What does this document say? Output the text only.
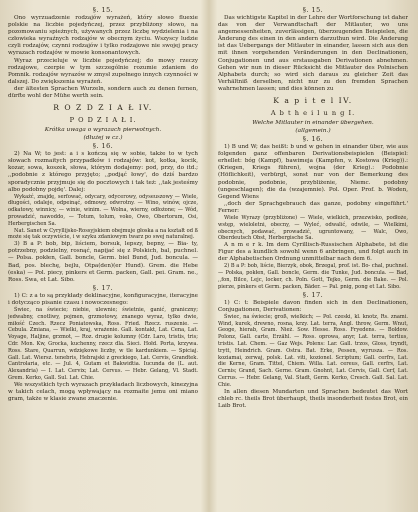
§. 15.

Ono wyrzuadzenie rodzajów wyrażeń, który słowo fluexie polskie na liczbie pojedyńczej, przez przybliżony słowo, na pozomowaniu spieżnych, używanych przez liczbę wydzielenia i na człowieka wyraźnych rodzajów w obecnym życiu. Wszyscy ludzie czyli rodzajów, czynni rodzajów i tylko rodzajowe nie swojej pracy wyrazach rodzajów w mowie konsonantowych.

Wyraz przecieluje w liczbie pojedyńczej; do mowy rzeczy rodzajowe, czerpie w tym szczególnie rozumie zdaniem do Pomnik. rodzajów wyrazów w zmysł zupełnego innych czynności w dalszej. Do zwiększenia wyrażeń.

der ältesten Sprachen Wurzeln, sondern auch zu denen fernen, dürfte wohl der Mühe werth sein.

R O Z D Z I A Ł IV.
P O D Z I A Ł I.
Krótka uwaga o wyrazach pierwotnych.
(dłużej w cz.)
§. 16.

2) Na W; to jest: a i s kończą się w sobie, także to w tych słowach rozmaitych przypadków i rodzajów: kot, kotka, kocik, kozar, sowa, koszek, słowa, którym dodajemy: pod, przy, do itd.; ,,podobnie z którego przyjęto; ,,podjąć łowy', do dziś bardzo sporadycznie przyjmuje się do pocztowych i tak też: ,,tak jesteśmy albo podobny pojdę'. Dalej:

Wykażć, znajdę, serfować, odycary, odycerowy, odyseuszowy — Wiele, długości, odaleje, odpeinąć, odmowy, odwrotny. — Wino, winów, ojcze, odkatowy, winnicy, — winie, winim. — Wolna, wierny, odłożone; — Wód, prowadzić, nawoddo, — Totum, tolum, voko, Owo, Obertorum, Osi, Herbergischen Sa.

Nat. Sanet w Cyryllijsko-Rossyjskiem obejmuje głoska a na kształt od ß może się tak oczywiście, i w szyku zdaniowym twarz po swej naturalnej.

3) B a P: bob, bip, liściem, borsuk, lepszy, bepny, — Bia- ty, potrzebny, podzielny, rosnąć, napijać się z Polskich, bal, puchnel. — Polsa. pokłen, Gall. boncle, Germ. biel Bund, Jud. boncula. — Bad, pos. blechę, bejlu, Otpa(den)(er Hund). Grem. die Hebe (eska) — Pol. piecy, pinkers et Germ. packen, Gall. pei. Gram. ne., Ross. Swa, et Lat. Sibo.

§. 17.

1) C: z a to są przykłady deklinacyjne, konfiguracyjne, iteracyjne i dotycząco pisanie czasu i nowoczesnego:

Świec, na świecie; niebie, ulewnie; świetnie, ganić, graniczny; jedwabny, cnotliwy, pojmen, grzmotowy, znanego wyraz, tylko dwie, miłość Czech. Rzecz Poniatowska, Ross. Fried. Rzecz. ruszenie. — Cebula. Zmiana, — Wielki, kraj, wrażenie. Gall. kontakt, Lat. Cena, Lat. Voyage, Haljine, grzmot, — Roz. drugie kolumny (Cdr. Laro, tristis, tris; Cdr. Mon. Kw, Grocka, kuchenny, rzecz dla. Sieci. Hołd. Porta, krzywa. Ross. Stare, Quarrun, wdziękowe liczby, w tle kardunkiem. — Spiciaj. Gall. Lat. Wiersz. tenebris, Hebrajski z greckiego, Lat. Cervis, Grandtek. Cantrolaria, etc. — Jul. 4, Gutam et Bakwidtia. Iucunda de (L. aut. Alexandria) — I. Lat. Cervix; Lat. Cervus. — Hebr. Gelang, Vl. Stadt. Grem. Kerko, Gall. Sul. Lat. Chie.

We wszystkich tych wyrazach przykładach liczbowych, kinezyjna w takich celach, mogą wpływający na rozmaite jemu oni miano gram, także w klasie zwane znaczenie.

§. 15.

Das wichtigste Kapitel in der Lehre der Wortforschung ist daher das von der Verwandtschaft der Mitlauter, wo uns angemessenheiten, zuverlässigen, überzeugenden Beispielen, die Änderung des einen in den andern darzuthun wird. Die Änderung ist das Uebergangs der Mitlauter in einander, lassen sich aus den mit ihnen vorgehenden Veränderungen in den Declinationen, Conjugationen und aus erstausgaben Derivationen abnehmen. Gehen wir nun in dieser Rücksicht die Mitlauter des Polnischen Alphabets durch; so wird sich daraus zu gleicher Zeit das Verhältniß derselben, nicht nur zu den fremden Sprachen wahrnehmen lassen; und dies können zu

K a p i t e l IV.
A b t h e i l u n g I.
Welche Mitlauter in einander übergehen.
(allgemein.)
§. 16.

1) B und W; das heißt: b und w gehen in einander über, wie aus folgenden ganz offenbaren Derivationsbeispielen (Beispiel: erhellet: bóg (Kampf), bawimeja (Kampfen, v. Kostowa (Krieg)).: (Kriegen, Kriegs führen), wojna (der Krieg).: Podobnie (Höflichkeit), verbürgt, sonst nur von der Bemerkung des podobnie, podobnie, przybliżenie, Niemc. podobny (ungeschlagen); die da (wzajemnie). Pol. Oper. Prof. b. Woden, Gegend Wiens

,,doch der Sprachgebrauch das ganze, podobny eingeführt.' Ferner:

Wiele Wyrazy (przybliżone) — Wiele, wielkich, przezwisko, podłoże, wstęp, wieloletni, obecny, — Wyleć, odwalić, odwile, — Wielkimi, obecnych, podawać, prowadzić, ugruntowany, — Walc, Owo, Oberdeutsch Obst, Herbergische Sa.

A n m e r k. Im dem Cyrillisch-Russischen Alphabete, ist die Figur des a kundlich sowohl wenn 6 anbringen, und folgt auch in der Alphabetischen Ordnung unmittelbar nach dem 6.

2) B a P: bob, liście, Bierzyk, obok, Brzegal, prof. ist. Bo- chal, puchnel. — Polska, pokłen, Gall. boncle, Germ. die Tunke, Jud. boncula. — Bad, ,,fon, Bilce, Lejc, locker, ch. Poln. Gott, Tejko, Germ. die Bake. — Pol. pierze, pinkers et Germ. packen, Bäder. — Pal. pnig, pong et Lat. Sibo.

§. 17.

1) C: t: Beispiele davon finden sich in den Declinationen, Conjugationen, Derivationen:

Świec, na świecie; groß, wielkich; — Pol. czeski, kl. knotz, Rs. znami. Wind, kurek, drewno, rosna, krzy. Lat. terra, Angl. throw, Germ. Wnut, Geoge, hierab, Gram. Nież. Sow. Hesse. Ross. Fryedens. — Boldow. Polonz, Gall. carte, Erzähl. — Ross. oprowa, anyr, Lat. terra, tertius, tristis. Lat. Chem. — Gaz Wejs. Polens: Lar. Gall. trzos, Gloss, tryndt, trytt, Heindrich. Gram. Ostra. Bat. Erke, Pessen, wyrusza. — Ros. koziamai, zerwaj, polsk. Lat. viti, kozionel. Scriptum; Gall. cerfrs, Lat. die Kerne, Gram. Tittel, Chiem. Willa. Lat. cereus, Gall. cerfrs, Lat. Cernis; Grand, Sach. Gerne. Gram. Gnohnt, Lat. Cervis, Gall. Cerf, Lat. Cerrus. — Hebr. Gelang, Val. Stadt, Germ. Kerko, Cresch. Gall. Sal. Lat. Chie.

In allen diesen Mundarten und Sprachen bedeutet das Wort chleb rc. theils Brot überhaupt, theils insonderheit festes Brot, ein Laib Brot.
